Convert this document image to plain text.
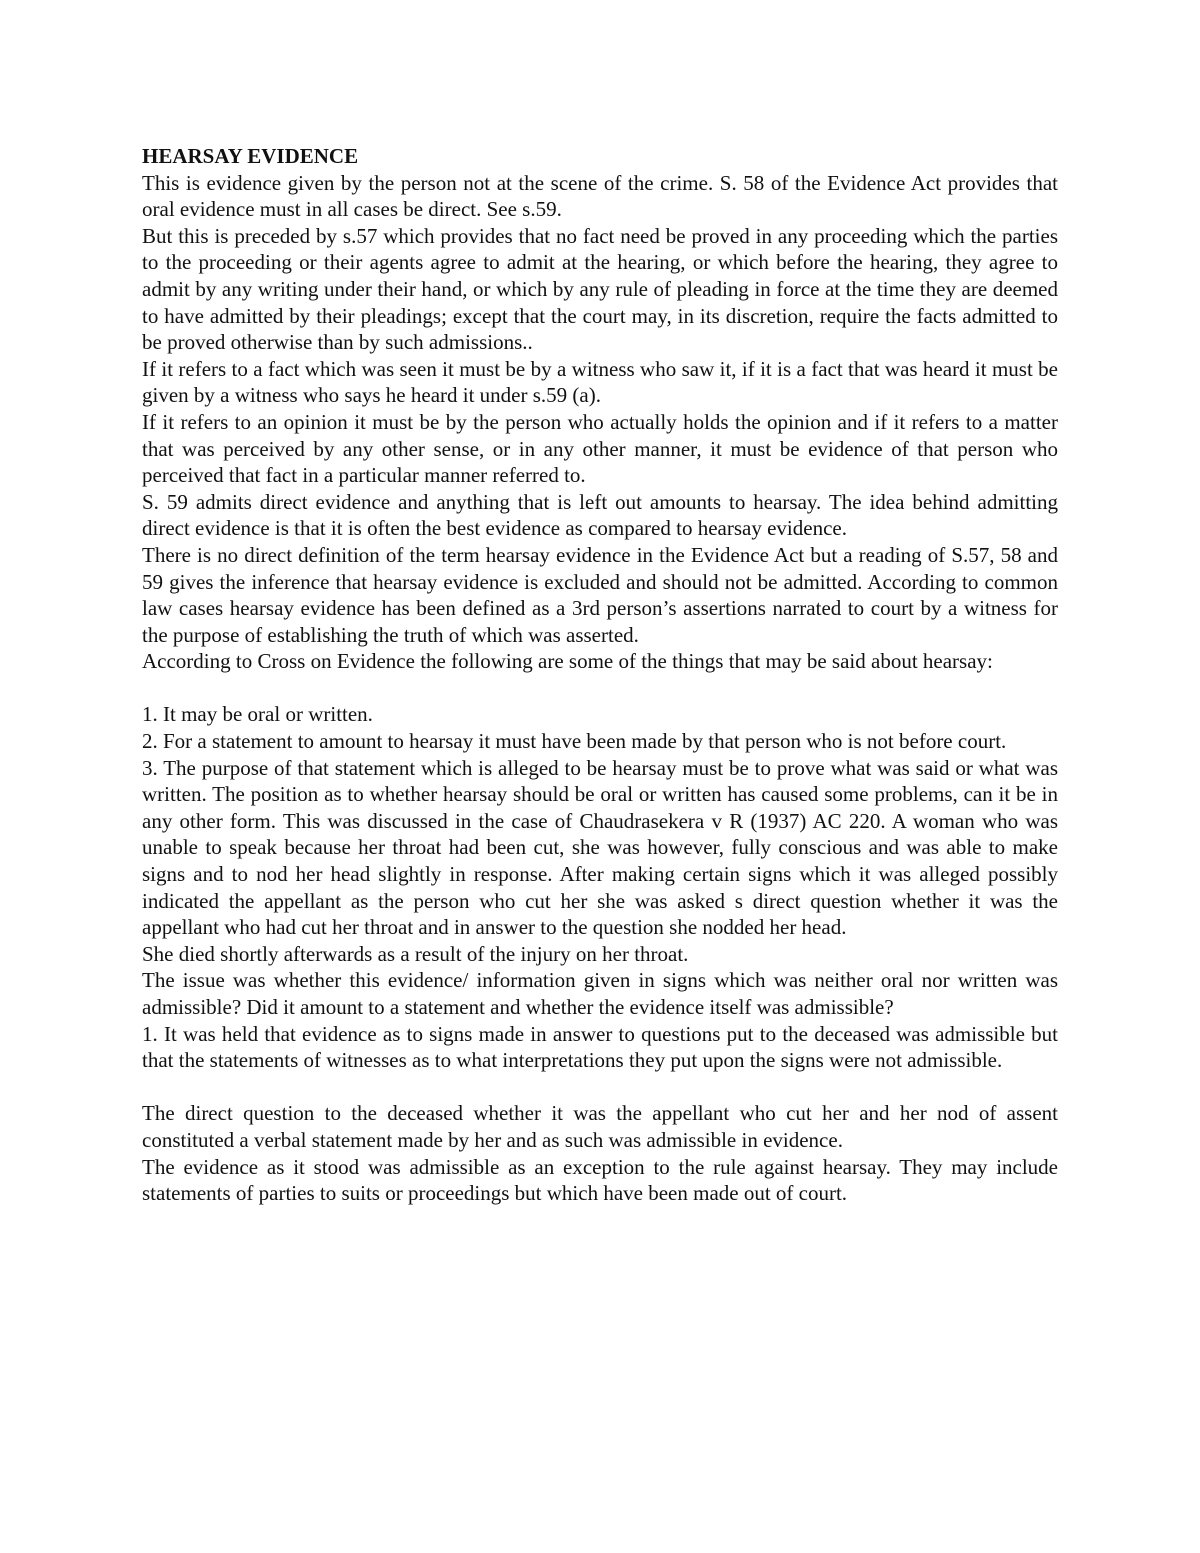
HEARSAY EVIDENCE

This is evidence given by the person not at the scene of the crime. S. 58 of the Evidence Act provides that oral evidence must in all cases be direct. See s.59.

But this is preceded by s.57 which provides that no fact need be proved in any proceeding which the parties to the proceeding or their agents agree to admit at the hearing, or which before the hearing, they agree to admit by any writing under their hand, or which by any rule of pleading in force at the time they are deemed to have admitted by their pleadings; except that the court may, in its discretion, require the facts admitted to be proved otherwise than by such admissions..

If it refers to a fact which was seen it must be by a witness who saw it, if it is a fact that was heard it must be given by a witness who says he heard it under s.59 (a).

If it refers to an opinion it must be by the person who actually holds the opinion and if it refers to a matter that was perceived by any other sense, or in any other manner, it must be evidence of that person who perceived that fact in a particular manner referred to.

S. 59 admits direct evidence and anything that is left out amounts to hearsay. The idea behind admitting direct evidence is that it is often the best evidence as compared to hearsay evidence.

There is no direct definition of the term hearsay evidence in the Evidence Act but a reading of S.57, 58 and 59 gives the inference that hearsay evidence is excluded and should not be admitted. According to common law cases hearsay evidence has been defined as a 3rd person’s assertions narrated to court by a witness for the purpose of establishing the truth of which was asserted.

According to Cross on Evidence the following are some of the things that may be said about hearsay:

1. It may be oral or written.

2. For a statement to amount to hearsay it must have been made by that person who is not before court.

3. The purpose of that statement which is alleged to be hearsay must be to prove what was said or what was written. The position as to whether hearsay should be oral or written has caused some problems, can it be in any other form. This was discussed in the case of Chaudrasekera v R (1937) AC 220. A woman who was unable to speak because her throat had been cut, she was however, fully conscious and was able to make signs and to nod her head slightly in response. After making certain signs which it was alleged possibly indicated the appellant as the person who cut her she was asked s direct question whether it was the appellant who had cut her throat and in answer to the question she nodded her head.

She died shortly afterwards as a result of the injury on her throat.

The issue was whether this evidence/ information given in signs which was neither oral nor written was admissible? Did it amount to a statement and whether the evidence itself was admissible?

1. It was held that evidence as to signs made in answer to questions put to the deceased was admissible but that the statements of witnesses as to what interpretations they put upon the signs were not admissible.

The direct question to the deceased whether it was the appellant who cut her and her nod of assent constituted a verbal statement made by her and as such was admissible in evidence.

The evidence as it stood was admissible as an exception to the rule against hearsay. They may include statements of parties to suits or proceedings but which have been made out of court.
